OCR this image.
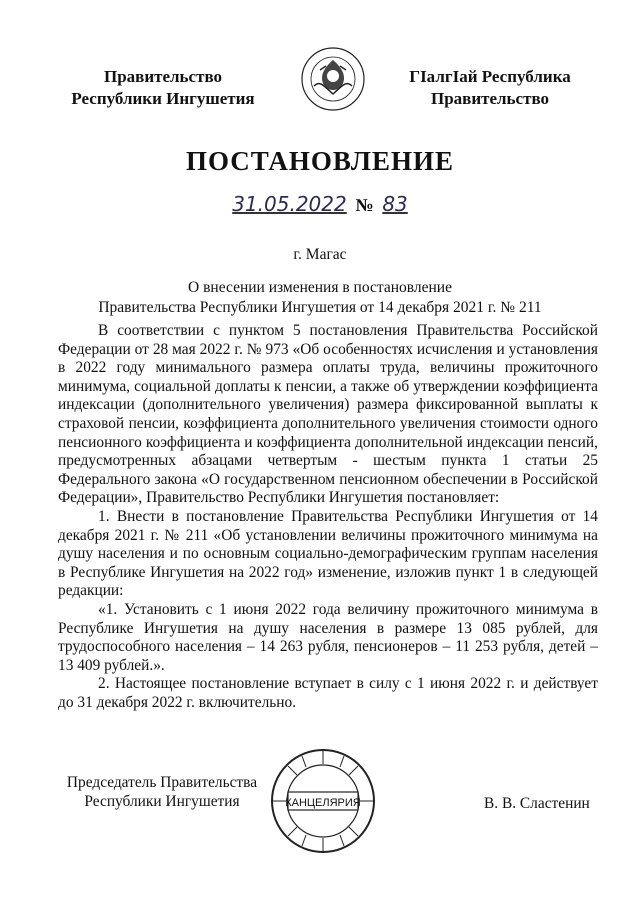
Правительство
Республики Ингушетия
ГIалгIай Республика
Правительство
ПОСТАНОВЛЕНИЕ
31.05.2022 № 83
г. Магас
О внесении изменения в постановление
Правительства Республики Ингушетия от 14 декабря 2021 г. № 211

В соответствии с пунктом 5 постановления Правительства Российской Федерации от 28 мая 2022 г. № 973 «Об особенностях исчисления и установления в 2022 году минимального размера оплаты труда, величины прожиточного минимума, социальной доплаты к пенсии, а также об утверждении коэффициента индексации (дополнительного увеличения) размера фиксированной выплаты к страховой пенсии, коэффициента дополнительного увеличения стоимости одного пенсионного коэффициента и коэффициента дополнительной индексации пенсий, предусмотренных абзацами четвертым - шестым пункта 1 статьи 25 Федерального закона «О государственном пенсионном обеспечении в Российской Федерации», Правительство Республики Ингушетия постановляет:

1. Внести в постановление Правительства Республики Ингушетия от 14 декабря 2021 г. № 211 «Об установлении величины прожиточного минимума на душу населения и по основным социально-демографическим группам населения в Республике Ингушетия на 2022 год» изменение, изложив пункт 1 в следующей редакции:

«1. Установить с 1 июня 2022 года величину прожиточного минимума в Республике Ингушетия на душу населения в размере 13 085 рублей, для трудоспособного населения – 14 263 рубля, пенсионеров – 11 253 рубля, детей – 13 409 рублей.».

2. Настоящее постановление вступает в силу с 1 июня 2022 г. и действует до 31 декабря 2022 г. включительно.

Председатель Правительства
Республики Ингушетия	КАНЦЕЛЯРИЯ	В. В. Сластенин
